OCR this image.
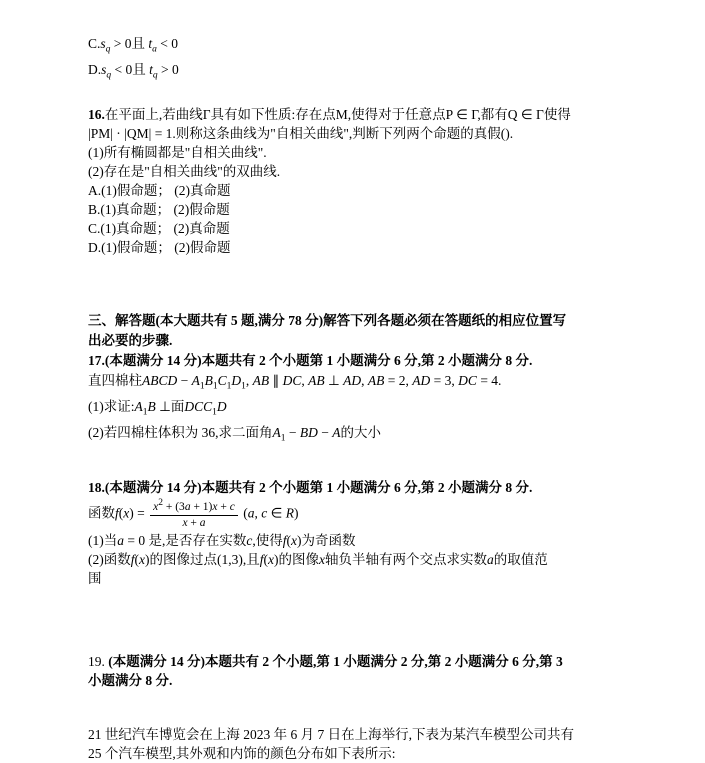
$C.s_q > 0$且 $t_a < 0$
$D.s_q < 0$且 $t_q > 0$
16.在平面上,若曲线Γ具有如下性质:存在点M,使得对于任意点P ∈ Γ,都有Q ∈ Γ使得
|PM| · |QM| = 1.则称这条曲线为"自相关曲线",判断下列两个命题的真假().
(1)所有椭圆都是"自相关曲线".
(2)存在是"自相关曲线"的双曲线.
A.(1)假命题； (2)真命题
B.(1)真命题； (2)假命题
C.(1)真命题； (2)真命题
D.(1)假命题； (2)假命题
三、解答题(本大题共有 5 题,满分 78 分)解答下列各题必须在答题纸的相应位置写
出必要的步骤.
17.(本题满分 14 分)本题共有 2 个小题第 1 小题满分 6 分,第 2 小题满分 8 分.
直四棉柱ABCD − $A_1B_1C_1D_1$, AB ∥ DC, AB ⊥ AD, AB = 2, AD = 3, DC = 4.
(1)求证$:A_1B$ ⊥面$DCC_1D$
(2)若四棉柱体积为 36,求二面角$A_1$ − BD − A的大小
18.(本题满分 14 分)本题共有 2 个小题第 1 小题满分 6 分,第 2 小题满分 8 分.
函数$f(x) = \frac{x^2 + (3a + 1)x + c}{x + a} (a$, c ∈ R)
(1)当a = 0 是,是否存在实数c,使得f(x)为奇函数
(2)函数f(x)的图像过点(1,3),且f(x)的图像x轴负半轴有两个交点求实数a的取值范
围
19. (本题满分 14 分)本题共有 2 个小题,第 1 小题满分 2 分,第 2 小题满分 6 分,第 3
小题满分 8 分.
21 世纪汽车博览会在上海 2023 年 6 月 7 日在上海举行,下表为某汽车模型公司共有
25 个汽车模型,其外观和内饰的颜色分布如下表所示:
